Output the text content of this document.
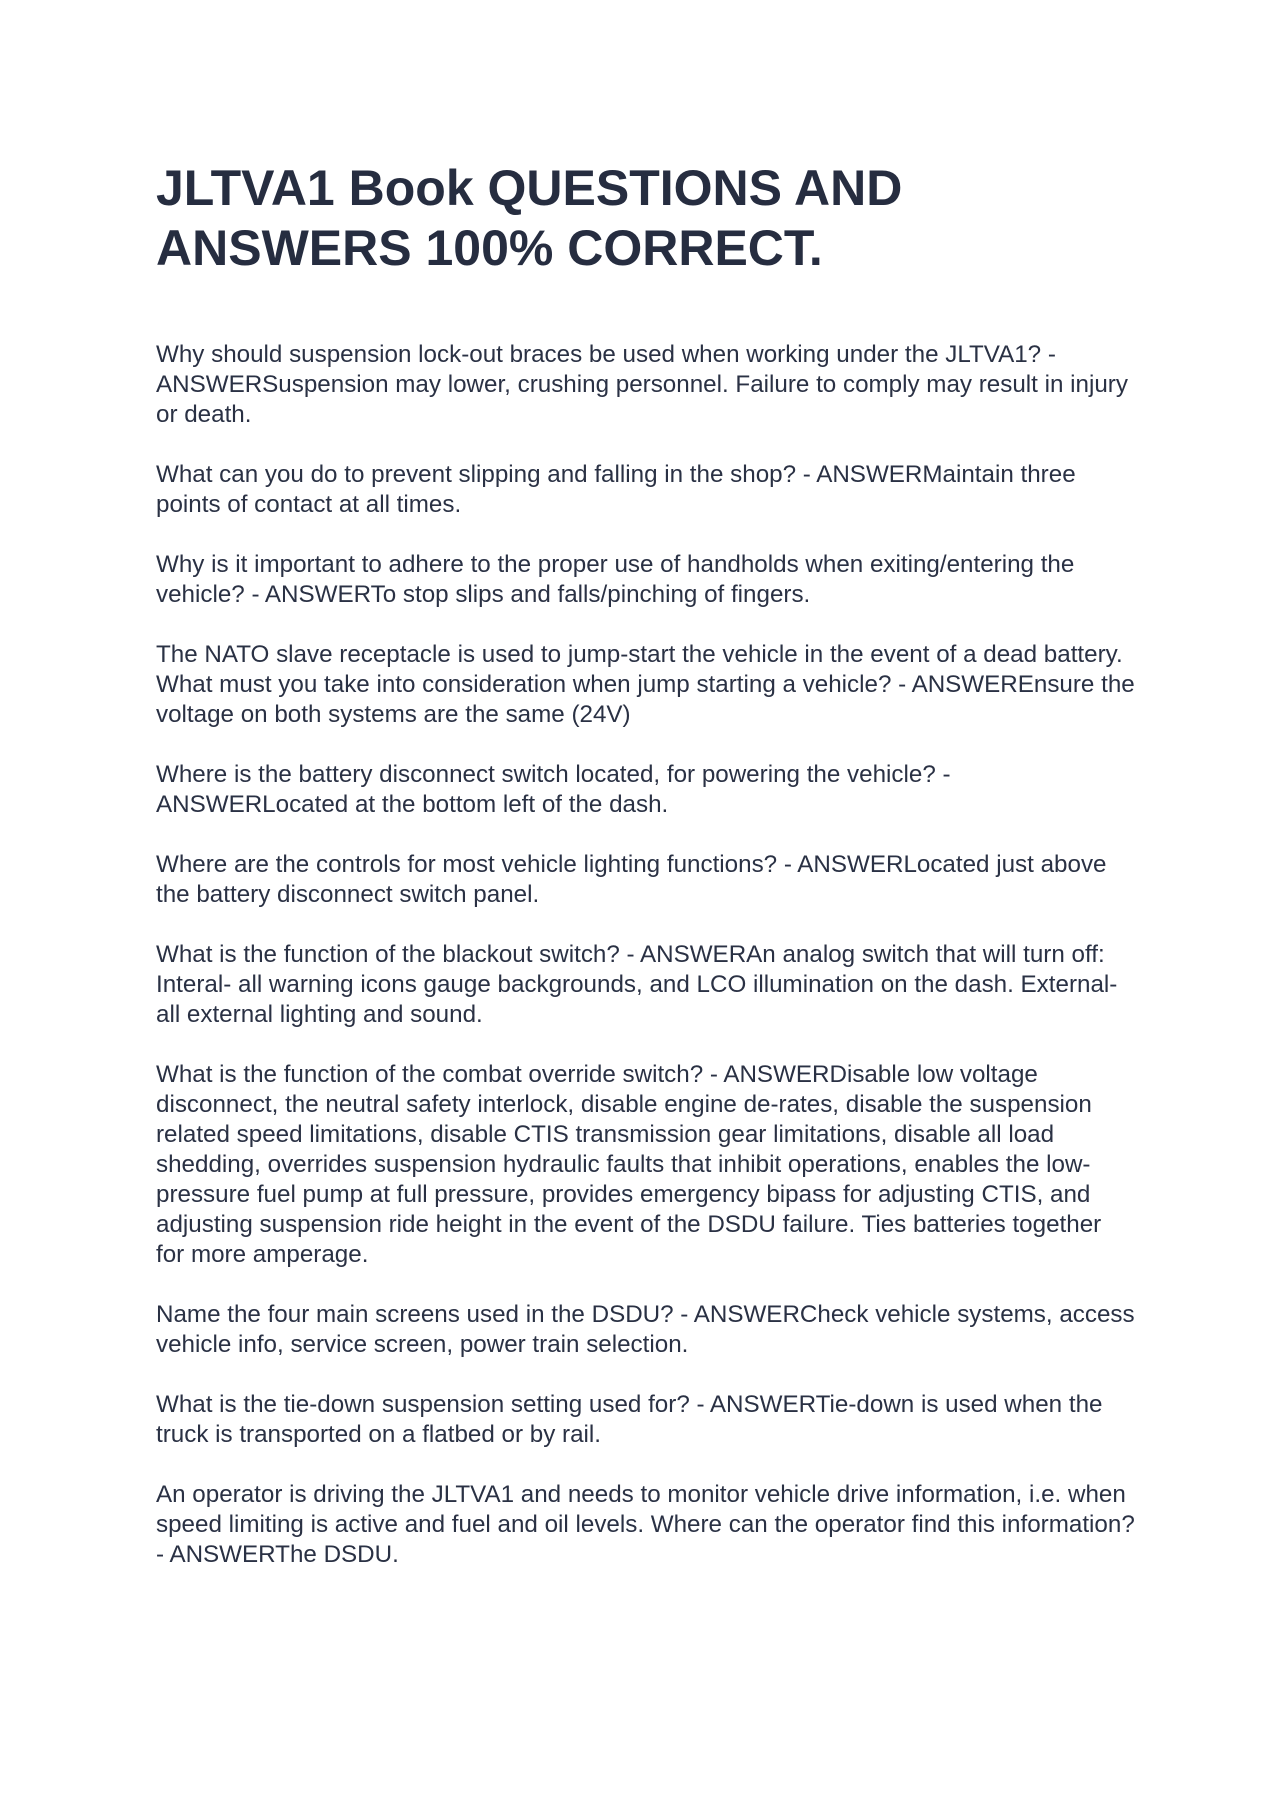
JLTVA1 Book QUESTIONS AND ANSWERS 100% CORRECT.

Why should suspension lock-out braces be used when working under the JLTVA1? - ANSWERSuspension may lower, crushing personnel. Failure to comply may result in injury or death.

What can you do to prevent slipping and falling in the shop? - ANSWERMaintain three points of contact at all times.

Why is it important to adhere to the proper use of handholds when exiting/entering the vehicle? - ANSWERTo stop slips and falls/pinching of fingers.

The NATO slave receptacle is used to jump-start the vehicle in the event of a dead battery. What must you take into consideration when jump starting a vehicle? - ANSWEREnsure the voltage on both systems are the same (24V)

Where is the battery disconnect switch located, for powering the vehicle? - ANSWERLocated at the bottom left of the dash.

Where are the controls for most vehicle lighting functions? - ANSWERLocated just above the battery disconnect switch panel.

What is the function of the blackout switch? - ANSWERAn analog switch that will turn off: Interal- all warning icons gauge backgrounds, and LCO illumination on the dash. External- all external lighting and sound.

What is the function of the combat override switch? - ANSWERDisable low voltage disconnect, the neutral safety interlock, disable engine de-rates, disable the suspension related speed limitations, disable CTIS transmission gear limitations, disable all load shedding, overrides suspension hydraulic faults that inhibit operations, enables the low-pressure fuel pump at full pressure, provides emergency bipass for adjusting CTIS, and adjusting suspension ride height in the event of the DSDU failure. Ties batteries together for more amperage.

Name the four main screens used in the DSDU? - ANSWERCheck vehicle systems, access vehicle info, service screen, power train selection.

What is the tie-down suspension setting used for? - ANSWERTie-down is used when the truck is transported on a flatbed or by rail.

An operator is driving the JLTVA1 and needs to monitor vehicle drive information, i.e. when speed limiting is active and fuel and oil levels. Where can the operator find this information? - ANSWERThe DSDU.
